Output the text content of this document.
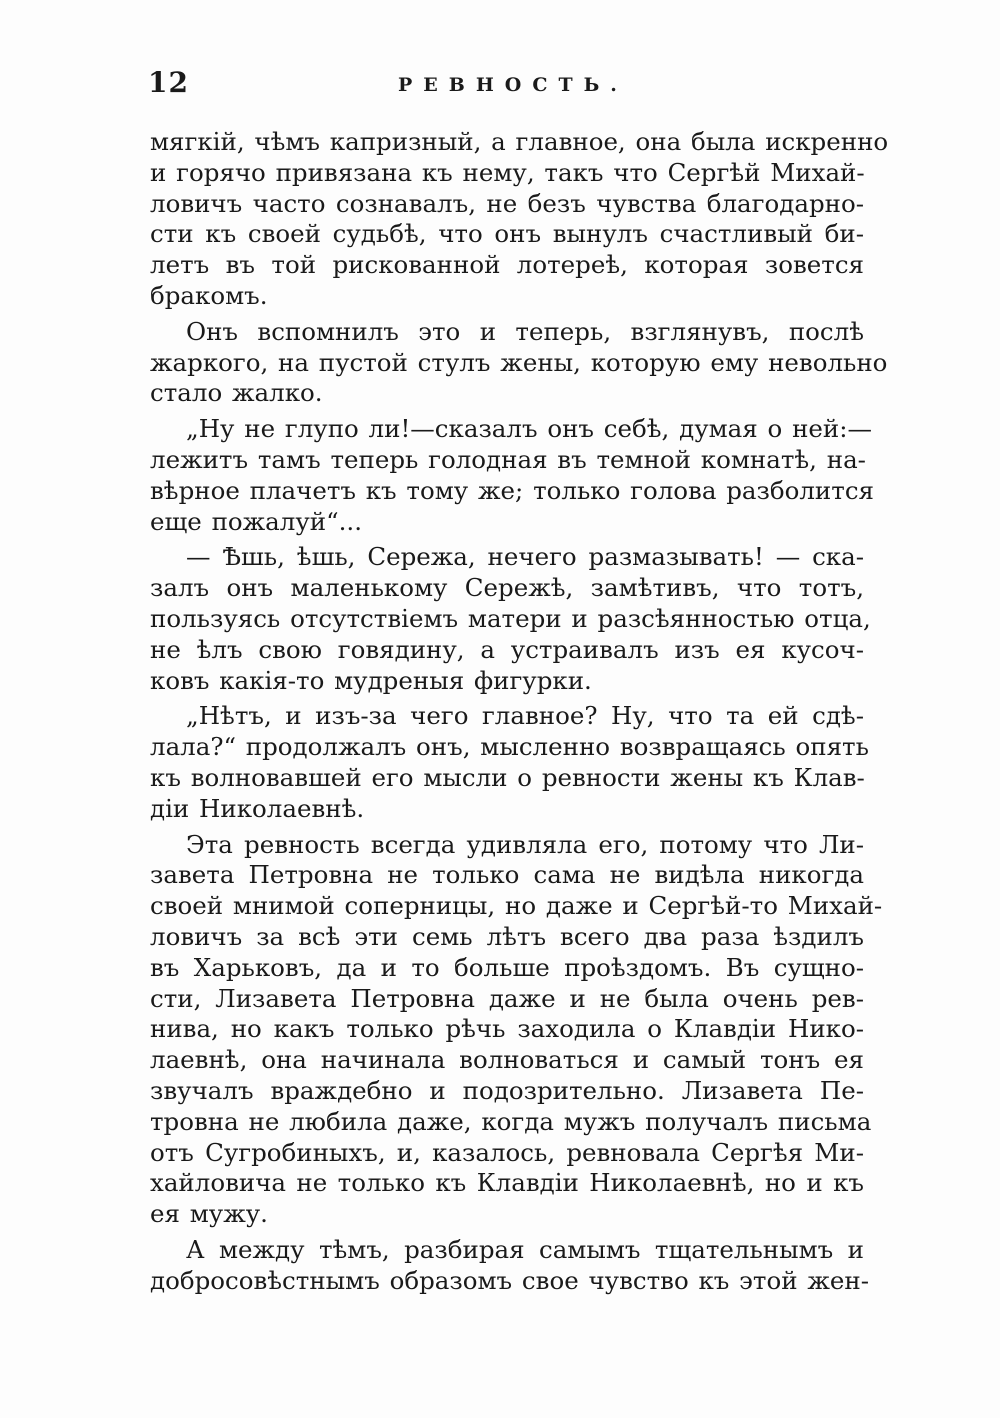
12	РЕВНОСТЬ.
мягкій, чѣмъ капризный, а главное, она была искренно
и горячо привязана къ нему, такъ что Сергѣй Михай-
ловичъ часто сознавалъ, не безъ чувства благодарно-
сти къ своей судьбѣ, что онъ вынулъ счастливый би-
летъ въ той рискованной лотереѣ, которая зовется
бракомъ.
Онъ вспомнилъ это и теперь, взглянувъ, послѣ
жаркого, на пустой стулъ жены, которую ему невольно
стало жалко.
„Ну не глупо ли!—сказалъ онъ себѣ, думая о ней:—
лежитъ тамъ теперь голодная въ темной комнатѣ, на-
вѣрное плачетъ къ тому же; только голова разболится
еще пожалуй“...
— Ѣшь, ѣшь, Сережа, нечего размазывать! — ска-
залъ онъ маленькому Сережѣ, замѣтивъ, что тотъ,
пользуясь отсутствіемъ матери и разсѣянностью отца,
не ѣлъ свою говядину, а устраивалъ изъ ея кусоч-
ковъ какія-то мудреныя фигурки.
„Нѣтъ, и изъ-за чего главное? Ну, что та ей сдѣ-
лала?“ продолжалъ онъ, мысленно возвращаясь опять
къ волновавшей его мысли о ревности жены къ Клав-
діи Николаевнѣ.
Эта ревность всегда удивляла его, потому что Ли-
завета Петровна не только сама не видѣла никогда
своей мнимой соперницы, но даже и Сергѣй-то Михай-
ловичъ за всѣ эти семь лѣтъ всего два раза ѣздилъ
въ Харьковъ, да и то больше проѣздомъ. Въ сущно-
сти, Лизавета Петровна даже и не была очень рев-
нива, но какъ только рѣчь заходила о Клавдіи Нико-
лаевнѣ, она начинала волноваться и самый тонъ ея
звучалъ враждебно и подозрительно. Лизавета Пе-
тровна не любила даже, когда мужъ получалъ письма
отъ Сугробиныхъ, и, казалось, ревновала Сергѣя Ми-
хайловича не только къ Клавдіи Николаевнѣ, но и къ
ея мужу.
А между тѣмъ, разбирая самымъ тщательнымъ и
добросовѣстнымъ образомъ свое чувство къ этой жен-
